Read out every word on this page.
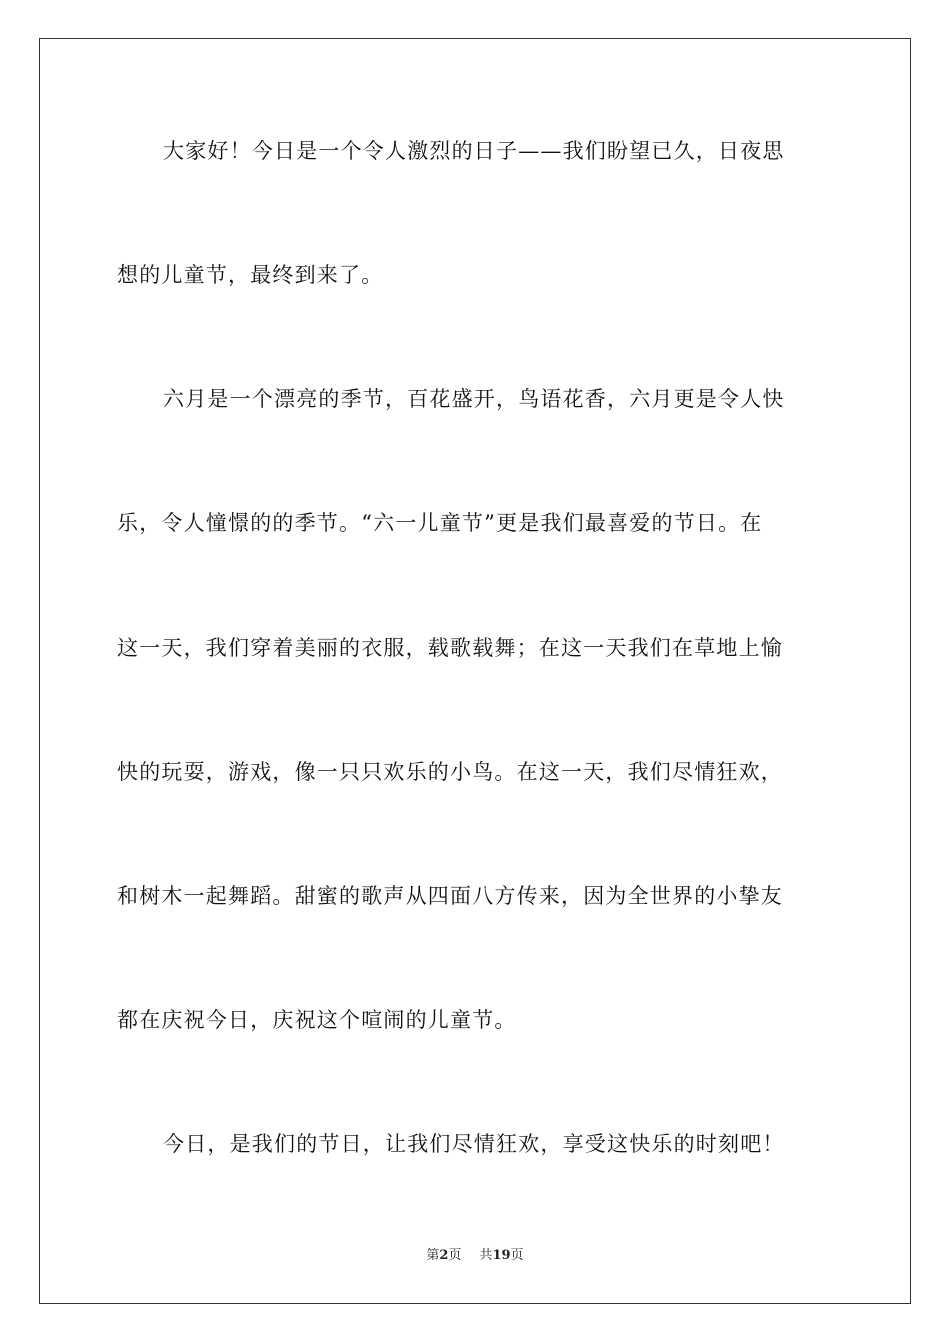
大家好！今日是一个令人激烈的日子——我们盼望已久，日夜思
想的儿童节，最终到来了。
六月是一个漂亮的季节，百花盛开，鸟语花香，六月更是令人快
乐，令人憧憬的的季节。“六一儿童节”更是我们最喜爱的节日。在
这一天，我们穿着美丽的衣服，载歌载舞；在这一天我们在草地上愉
快的玩耍，游戏，像一只只欢乐的小鸟。在这一天，我们尽情狂欢，
和树木一起舞蹈。甜蜜的歌声从四面八方传来，因为全世界的小挚友
都在庆祝今日，庆祝这个喧闹的儿童节。
今日，是我们的节日，让我们尽情狂欢，享受这快乐的时刻吧！
第2页 共19页
